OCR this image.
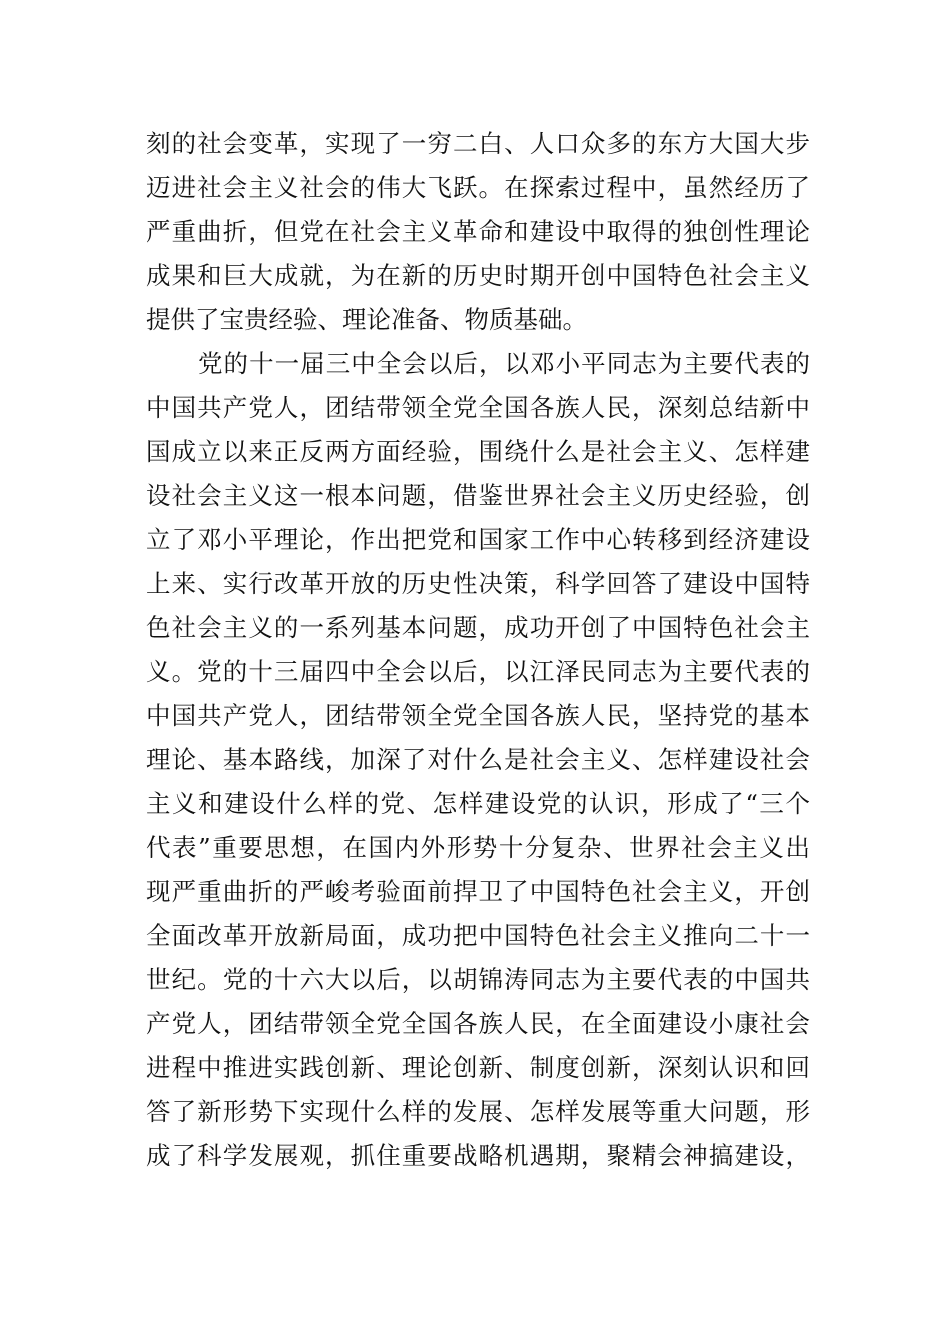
刻的社会变革，实现了一穷二白、人口众多的东方大国大步
迈进社会主义社会的伟大飞跃。在探索过程中，虽然经历了
严重曲折，但党在社会主义革命和建设中取得的独创性理论
成果和巨大成就，为在新的历史时期开创中国特色社会主义
提供了宝贵经验、理论准备、物质基础。
党的十一届三中全会以后，以邓小平同志为主要代表的
中国共产党人，团结带领全党全国各族人民，深刻总结新中
国成立以来正反两方面经验，围绕什么是社会主义、怎样建
设社会主义这一根本问题，借鉴世界社会主义历史经验，创
立了邓小平理论，作出把党和国家工作中心转移到经济建设
上来、实行改革开放的历史性决策，科学回答了建设中国特
色社会主义的一系列基本问题，成功开创了中国特色社会主
义。党的十三届四中全会以后，以江泽民同志为主要代表的
中国共产党人，团结带领全党全国各族人民，坚持党的基本
理论、基本路线，加深了对什么是社会主义、怎样建设社会
主义和建设什么样的党、怎样建设党的认识，形成了“三个
代表”重要思想，在国内外形势十分复杂、世界社会主义出
现严重曲折的严峻考验面前捍卫了中国特色社会主义，开创
全面改革开放新局面，成功把中国特色社会主义推向二十一
世纪。党的十六大以后，以胡锦涛同志为主要代表的中国共
产党人，团结带领全党全国各族人民，在全面建设小康社会
进程中推进实践创新、理论创新、制度创新，深刻认识和回
答了新形势下实现什么样的发展、怎样发展等重大问题，形
成了科学发展观，抓住重要战略机遇期，聚精会神搞建设，
